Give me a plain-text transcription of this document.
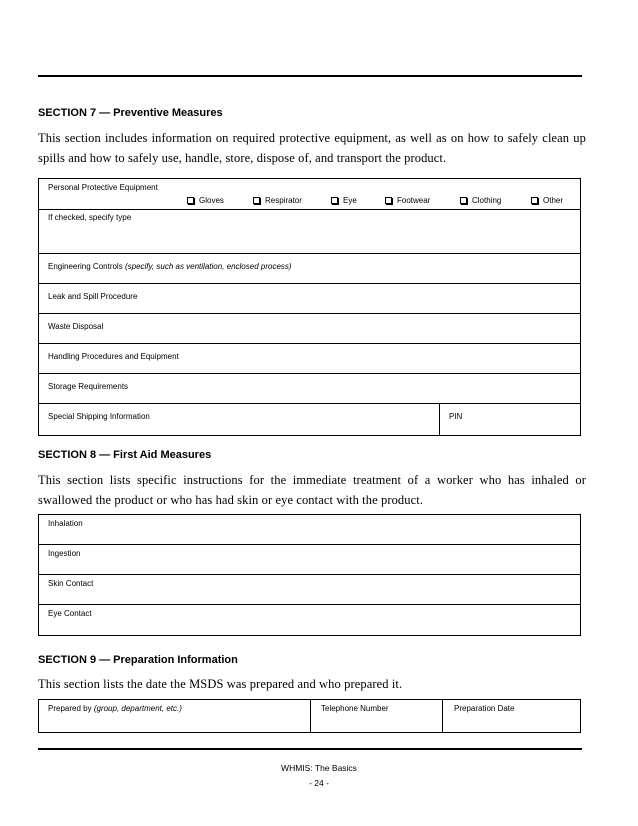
SECTION 7 — Preventive Measures
This section includes information on required protective equipment, as well as on how to safely clean up spills and how to safely use, handle, store, dispose of, and transport the product.
Personal Protective Equipment
Gloves	Respirator	Eye	Footwear	Clothing	Other
If checked, specify type
Engineering Controls (specify, such as ventilation, enclosed process)
Leak and Spill Procedure
Waste Disposal
Handling Procedures and Equipment
Storage Requirements
Special Shipping Information	PIN
SECTION 8 — First Aid Measures
This section lists specific instructions for the immediate treatment of a worker who has inhaled or swallowed the product or who has had skin or eye contact with the product.
Inhalation
Ingestion
Skin Contact
Eye Contact
SECTION 9 — Preparation Information
This section lists the date the MSDS was prepared and who prepared it.
Prepared by (group, department, etc.)	Telephone Number	Preparation Date
WHMIS: The Basics
- 24 -
